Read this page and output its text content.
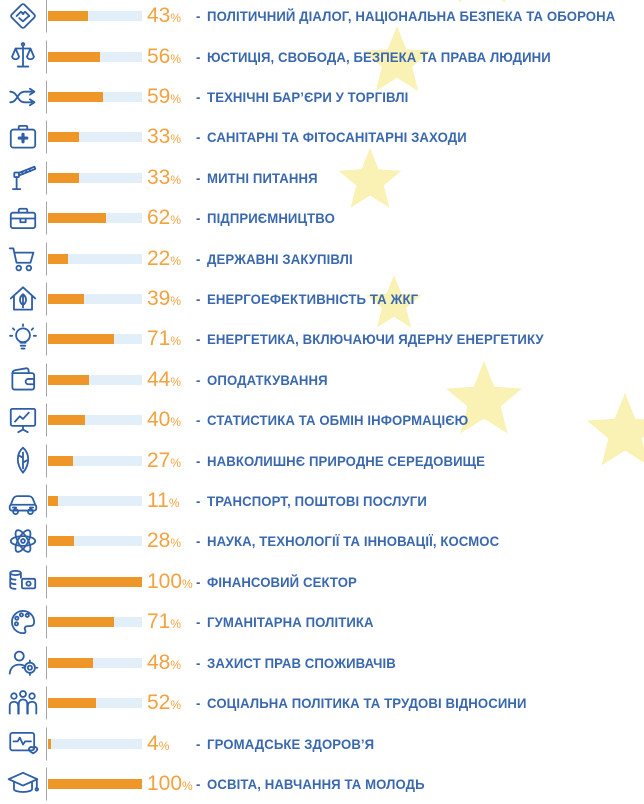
43% - ПОЛІТИЧНИЙ ДІАЛОГ, НАЦІОНАЛЬНА БЕЗПЕКА ТА ОБОРОНА
56% - ЮСТИЦІЯ, СВОБОДА, БЕЗПЕКА ТА ПРАВА ЛЮДИНИ
59% - ТЕХНІЧНІ БАР’ЄРИ У ТОРГІВЛІ
33% - САНІТАРНІ ТА ФІТОСАНІТАРНІ ЗАХОДИ
33% - МИТНІ ПИТАННЯ
62% - ПІДПРИЄМНИЦТВО
22% - ДЕРЖАВНІ ЗАКУПІВЛІ
39% - ЕНЕРГОЕФЕКТИВНІСТЬ ТА ЖКГ
71% - ЕНЕРГЕТИКА, ВКЛЮЧАЮЧИ ЯДЕРНУ ЕНЕРГЕТИКУ
44% - ОПОДАТКУВАННЯ
40% - СТАТИСТИКА ТА ОБМІН ІНФОРМАЦІЄЮ
27% - НАВКОЛИШНЄ ПРИРОДНЕ СЕРЕДОВИЩЕ
11% - ТРАНСПОРТ, ПОШТОВІ ПОСЛУГИ
28% - НАУКА, ТЕХНОЛОГІЇ ТА ІННОВАЦІЇ, КОСМОС
100% - ФІНАНСОВИЙ СЕКТОР
71% - ГУМАНІТАРНА ПОЛІТИКА
48% - ЗАХИСТ ПРАВ СПОЖИВАЧІВ
52% - СОЦІАЛЬНА ПОЛІТИКА ТА ТРУДОВІ ВІДНОСИНИ
4% - ГРОМАДСЬКЕ ЗДОРОВ’Я
100% - ОСВІТА, НАВЧАННЯ ТА МОЛОДЬ
